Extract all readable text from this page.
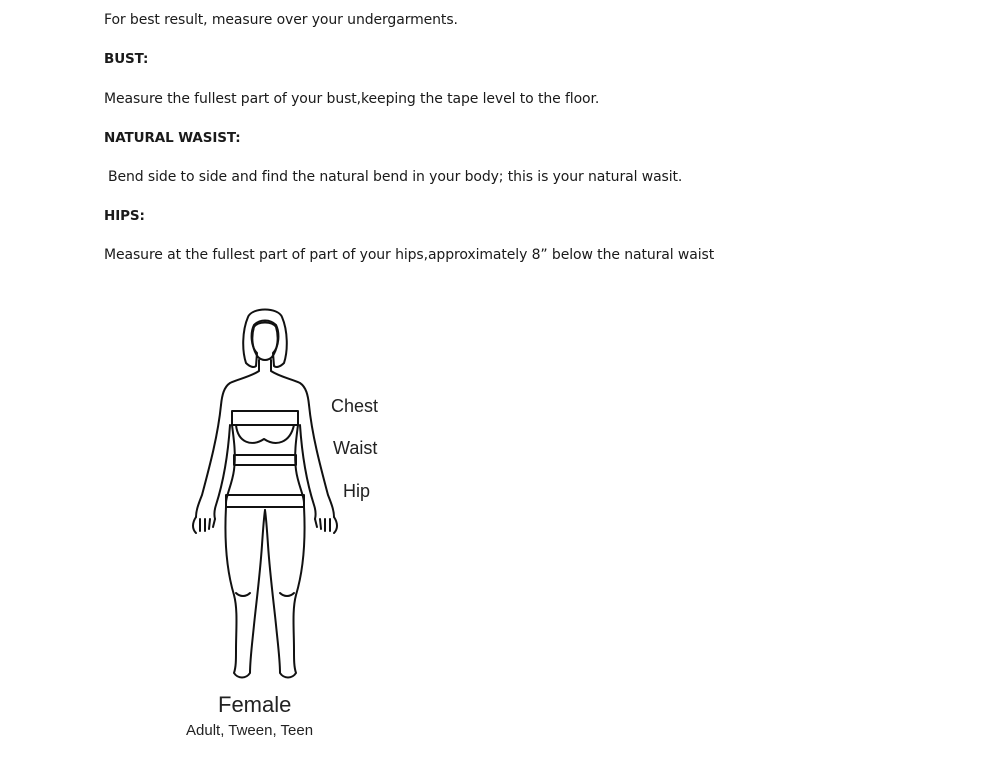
For best result, measure over your undergarments.
BUST:
Measure the fullest part of your bust,keeping the tape level to the floor.
NATURAL WASIST:
Bend side to side and find the natural bend in your body; this is your natural wasit.
HIPS:
Measure at the fullest part of part of your hips,approximately 8” below the natural waist
Chest
Waist
Hip
Female
Adult, Tween, Teen
